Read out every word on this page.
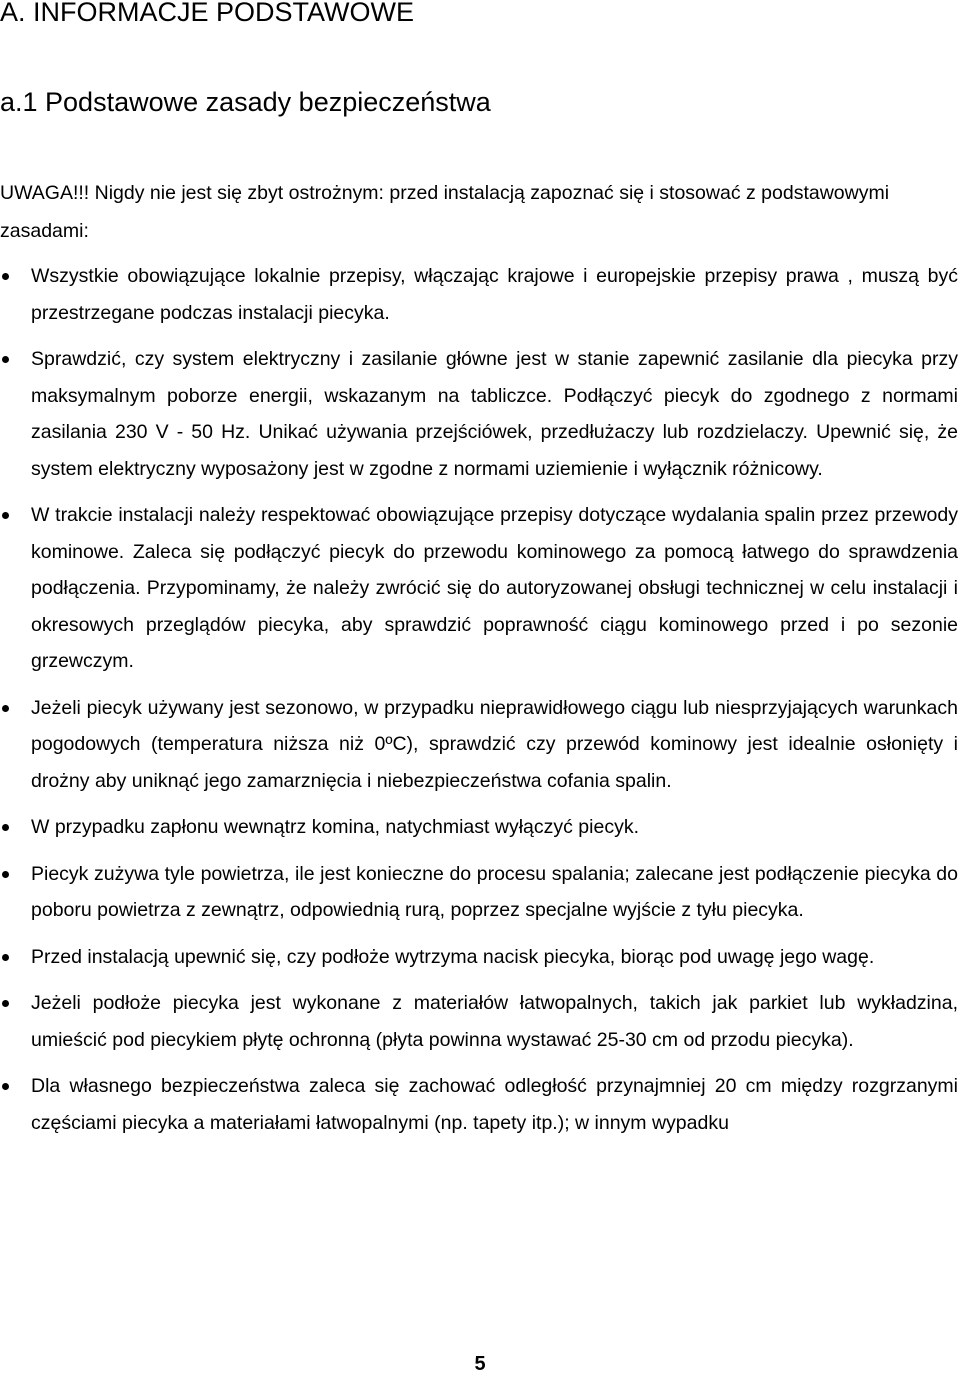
A. INFORMACJE PODSTAWOWE
a.1 Podstawowe zasady bezpieczeństwa

UWAGA!!! Nigdy nie jest się zbyt ostrożnym: przed instalacją zapoznać się i stosować z podstawowymi zasadami:

Wszystkie obowiązujące lokalnie przepisy, włączając krajowe i europejskie przepisy prawa , muszą być przestrzegane podczas instalacji piecyka.
Sprawdzić, czy system elektryczny i zasilanie główne jest w stanie zapewnić zasilanie dla piecyka przy maksymalnym poborze energii, wskazanym na tabliczce. Podłączyć piecyk do zgodnego z normami zasilania 230 V - 50 Hz. Unikać używania przejściówek, przedłużaczy lub rozdzielaczy. Upewnić się, że system elektryczny wyposażony jest w zgodne z normami uziemienie i wyłącznik różnicowy.
W trakcie instalacji należy respektować obowiązujące przepisy dotyczące wydalania spalin przez przewody kominowe. Zaleca się podłączyć piecyk do przewodu kominowego za pomocą łatwego do sprawdzenia podłączenia. Przypominamy, że należy zwrócić się do autoryzowanej obsługi technicznej w celu instalacji i okresowych przeglądów piecyka, aby sprawdzić poprawność ciągu kominowego przed i po sezonie grzewczym.
Jeżeli piecyk używany jest sezonowo, w przypadku nieprawidłowego ciągu lub niesprzyjających warunkach pogodowych (temperatura niższa niż 0ºC), sprawdzić czy przewód kominowy jest idealnie osłonięty i drożny aby uniknąć jego zamarznięcia i niebezpieczeństwa cofania spalin.
W przypadku zapłonu wewnątrz komina, natychmiast wyłączyć piecyk.
Piecyk zużywa tyle powietrza, ile jest konieczne do procesu spalania; zalecane jest podłączenie piecyka do poboru powietrza z zewnątrz, odpowiednią rurą, poprzez specjalne wyjście z tyłu piecyka.
Przed instalacją upewnić się, czy podłoże wytrzyma nacisk piecyka, biorąc pod uwagę jego wagę.
Jeżeli podłoże piecyka jest wykonane z materiałów łatwopalnych, takich jak parkiet lub wykładzina, umieścić pod piecykiem płytę ochronną (płyta powinna wystawać 25-30 cm od przodu piecyka).
Dla własnego bezpieczeństwa zaleca się zachować odległość przynajmniej 20 cm między rozgrzanymi częściami piecyka a materiałami łatwopalnymi (np. tapety itp.); w innym wypadku
5
